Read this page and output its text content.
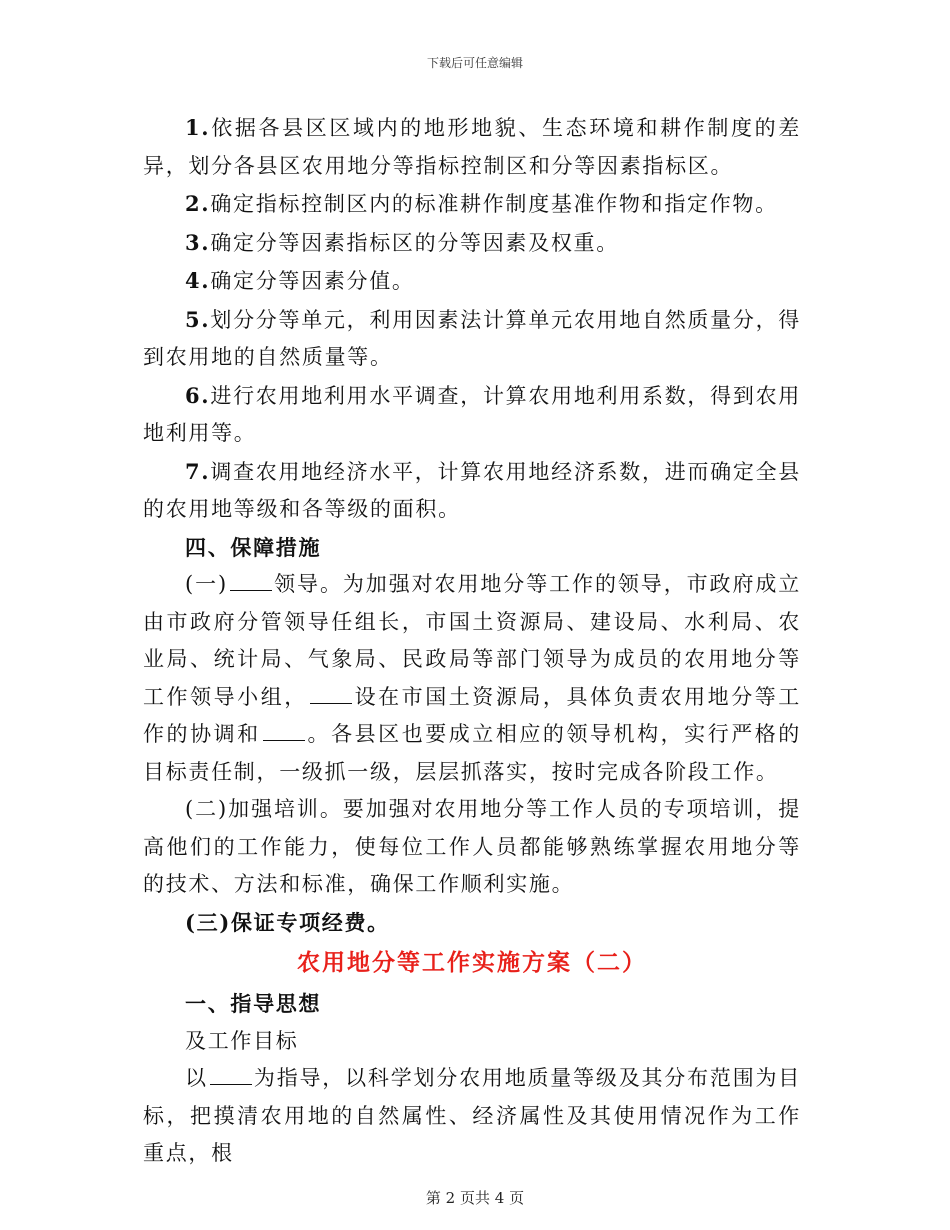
下载后可任意编辑

1.依据各县区区域内的地形地貌、生态环境和耕作制度的差异，划分各县区农用地分等指标控制区和分等因素指标区。

2.确定指标控制区内的标准耕作制度基准作物和指定作物。

3.确定分等因素指标区的分等因素及权重。

4.确定分等因素分值。

5.划分分等单元，利用因素法计算单元农用地自然质量分，得到农用地的自然质量等。

6.进行农用地利用水平调查，计算农用地利用系数，得到农用地利用等。

7.调查农用地经济水平，计算农用地经济系数，进而确定全县的农用地等级和各等级的面积。

四、保障措施

(一) 领导。为加强对农用地分等工作的领导，市政府成立由市政府分管领导任组长，市国土资源局、建设局、水利局、农业局、统计局、气象局、民政局等部门领导为成员的农用地分等工作领导小组， 设在市国土资源局，具体负责农用地分等工作的协调和 。各县区也要成立相应的领导机构，实行严格的目标责任制，一级抓一级，层层抓落实，按时完成各阶段工作。

(二)加强培训。要加强对农用地分等工作人员的专项培训，提高他们的工作能力，使每位工作人员都能够熟练掌握农用地分等的技术、方法和标准，确保工作顺利实施。

(三)保证专项经费。

农用地分等工作实施方案（二）

一、指导思想

及工作目标

以 为指导，以科学划分农用地质量等级及其分布范围为目标，把摸清农用地的自然属性、经济属性及其使用情况作为工作重点，根

第 2 页共 4 页
